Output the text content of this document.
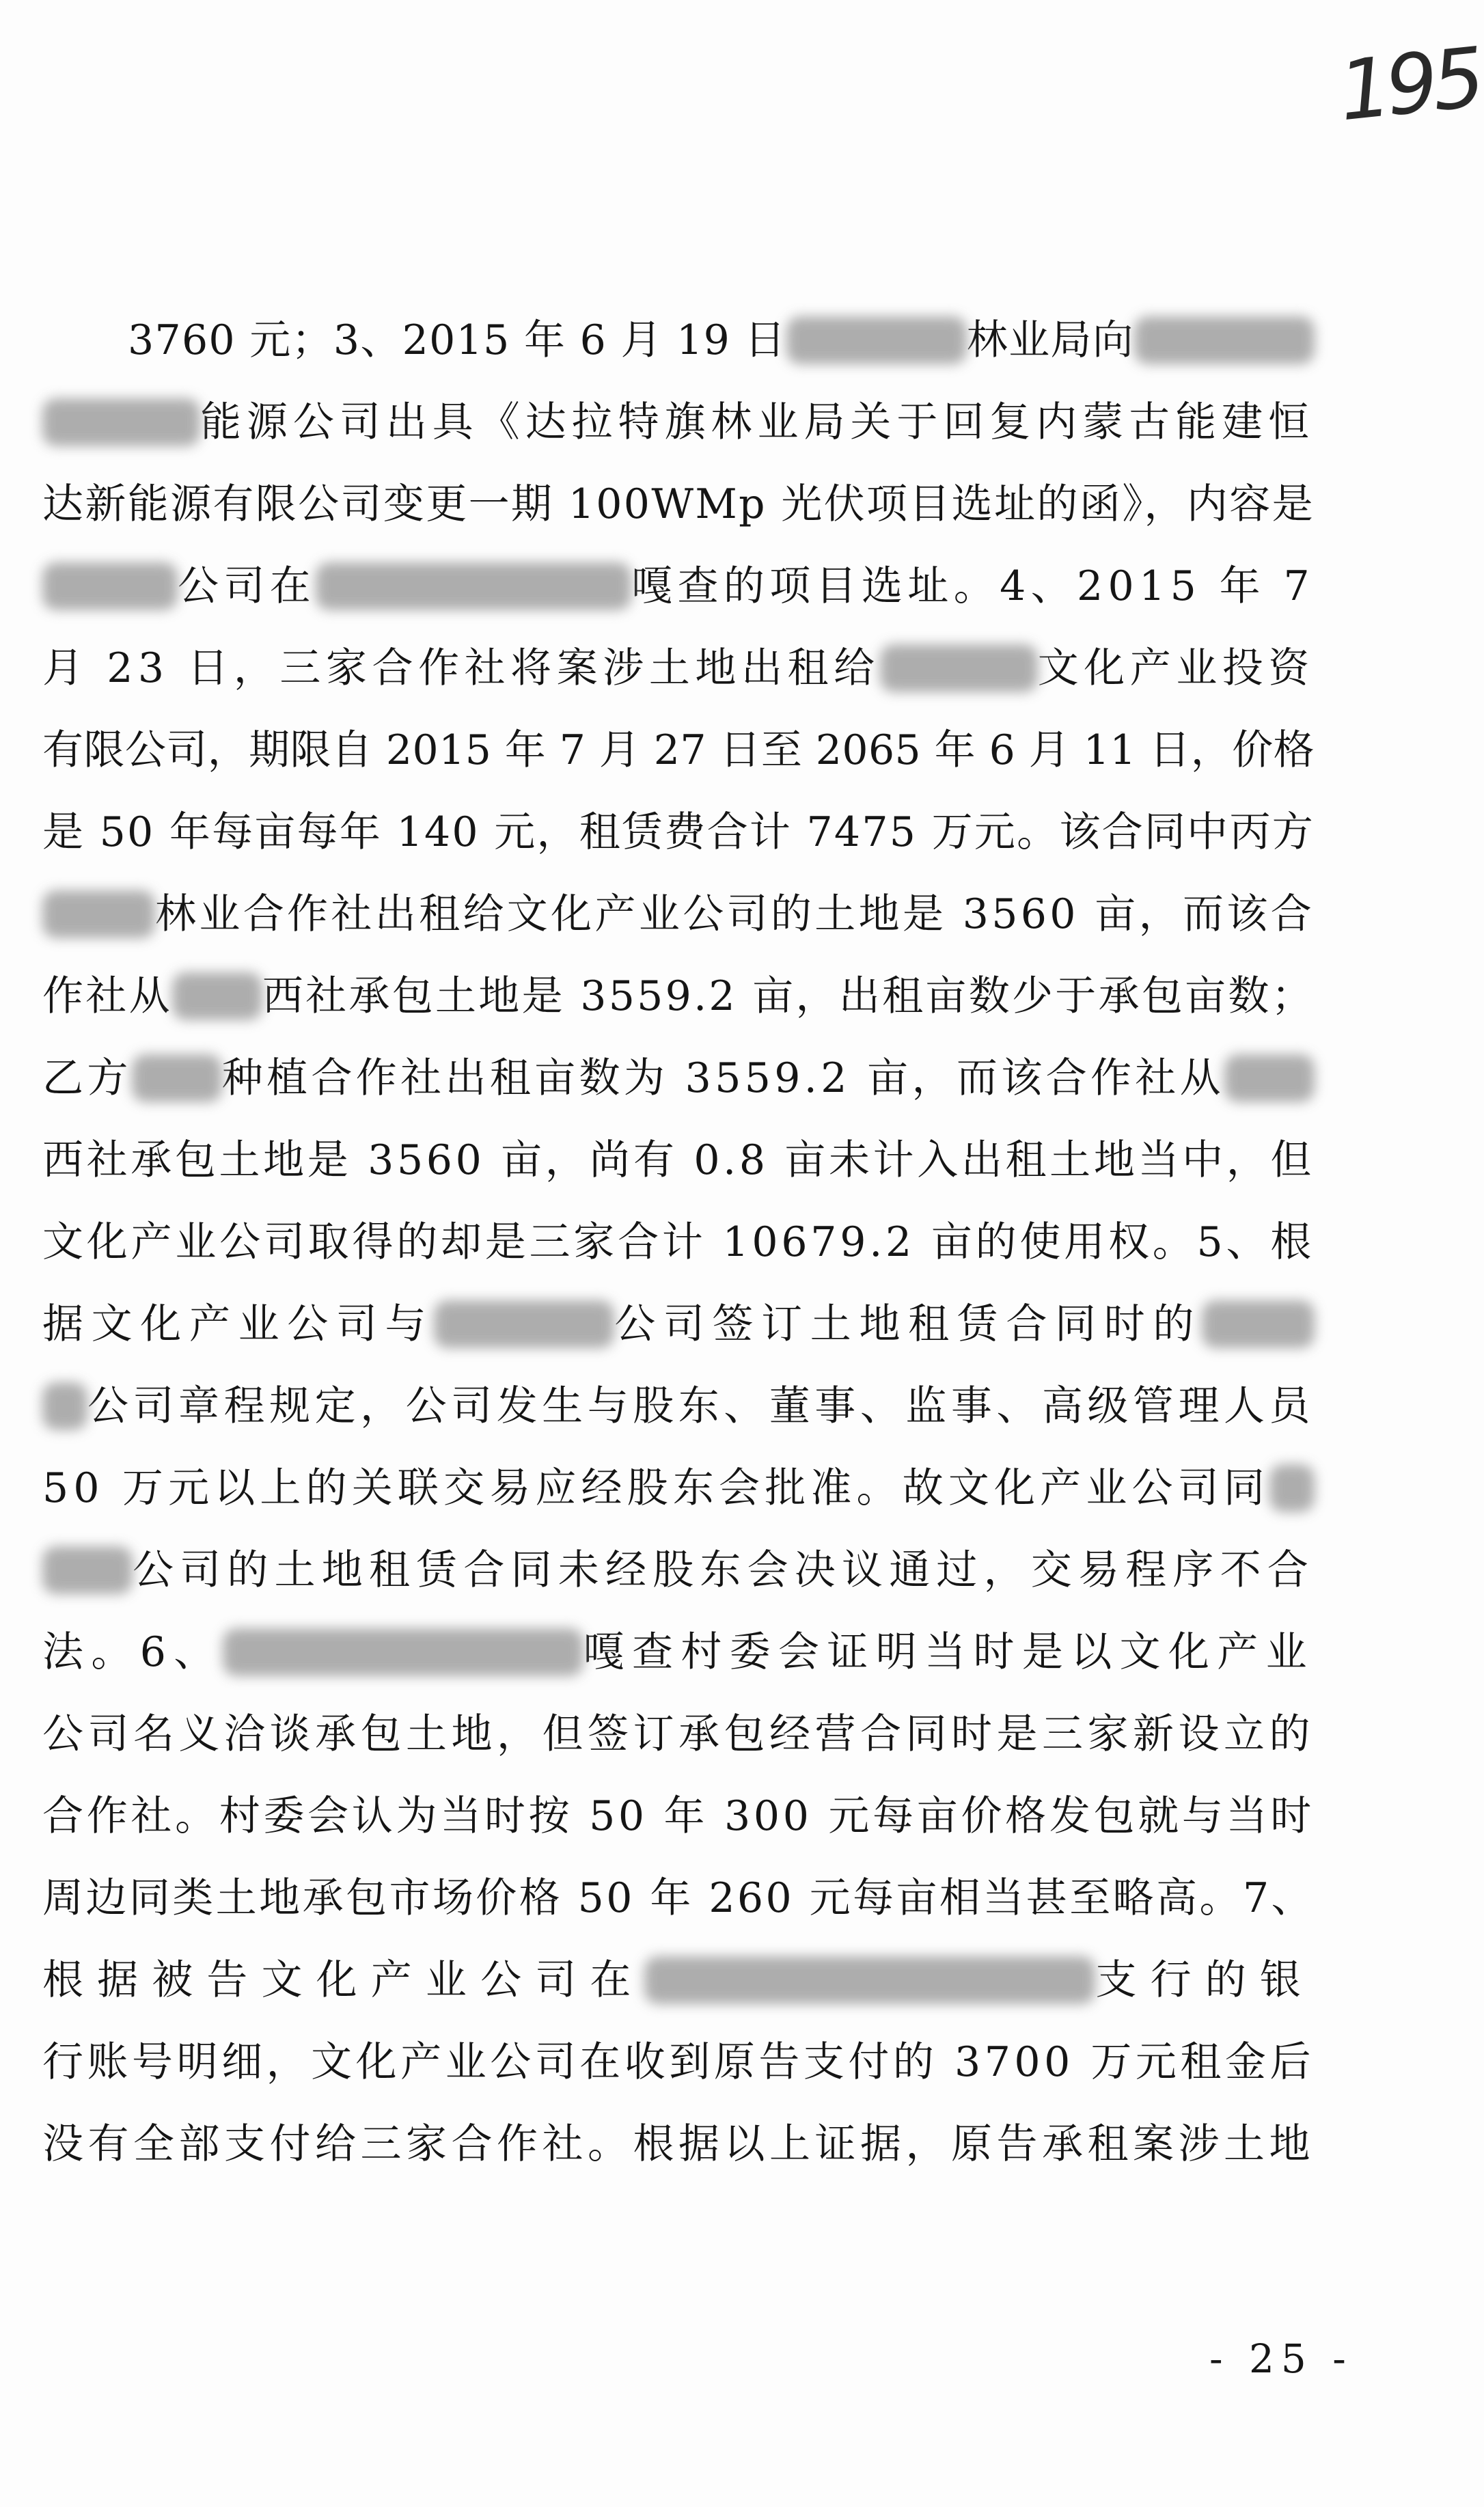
195
3760 元；3、2015 年 6 月 19 日	林业局向
能源公司出具《达拉特旗林业局关于回复内蒙古能建恒
达新能源有限公司变更一期 100WMp 光伏项目选址的函》，内容是
公司在	嘎查的项目选址。4、2015 年 7
月 23 日，三家合作社将案涉土地出租给	文化产业投资
有限公司，期限自 2015 年 7 月 27 日至 2065 年 6 月 11 日，价格
是 50 年每亩每年 140 元，租赁费合计 7475 万元。该合同中丙方
林业合作社出租给文化产业公司的土地是 3560 亩，而该合
作社从 西社承包土地是 3559.2 亩，出租亩数少于承包亩数；
乙方 种植合作社出租亩数为 3559.2 亩，而该合作社从
西社承包土地是 3560 亩，尚有 0.8 亩未计入出租土地当中，但
文化产业公司取得的却是三家合计 10679.2 亩的使用权。5、根
据文化产业公司与	公司签订土地租赁合同时的
公司章程规定，公司发生与股东、董事、监事、高级管理人员
50 万元以上的关联交易应经股东会批准。故文化产业公司同
公司的土地租赁合同未经股东会决议通过，交易程序不合
法。6、	嘎查村委会证明当时是以文化产业
公司名义洽谈承包土地，但签订承包经营合同时是三家新设立的
合作社。村委会认为当时按 50 年 300 元每亩价格发包就与当时
周边同类土地承包市场价格 50 年 260 元每亩相当甚至略高。7、
根据被告文化产业公司在	支行的银
行账号明细，文化产业公司在收到原告支付的 3700 万元租金后
没有全部支付给三家合作社。根据以上证据，原告承租案涉土地
- 25 -
